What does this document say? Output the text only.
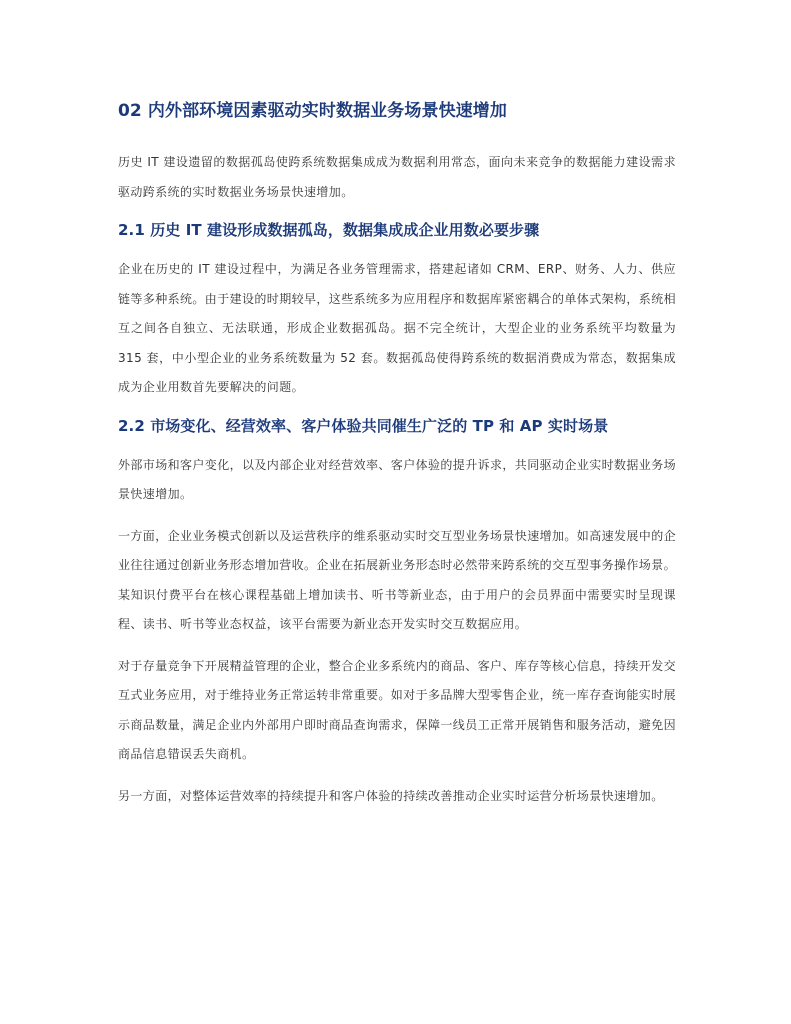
02 内外部环境因素驱动实时数据业务场景快速增加

历史 IT 建设遗留的数据孤岛使跨系统数据集成成为数据利用常态，面向未来竞争的数据能力建设需求驱动跨系统的实时数据业务场景快速增加。

2.1 历史 IT 建设形成数据孤岛，数据集成成企业用数必要步骤

企业在历史的 IT 建设过程中，为满足各业务管理需求，搭建起诸如 CRM、ERP、财务、人力、供应链等多种系统。由于建设的时期较早，这些系统多为应用程序和数据库紧密耦合的单体式架构，系统相互之间各自独立、无法联通，形成企业数据孤岛。据不完全统计，大型企业的业务系统平均数量为 315 套，中小型企业的业务系统数量为 52 套。数据孤岛使得跨系统的数据消费成为常态，数据集成成为企业用数首先要解决的问题。

2.2 市场变化、经营效率、客户体验共同催生广泛的 TP 和 AP 实时场景

外部市场和客户变化，以及内部企业对经营效率、客户体验的提升诉求，共同驱动企业实时数据业务场景快速增加。

一方面，企业业务模式创新以及运营秩序的维系驱动实时交互型业务场景快速增加。如高速发展中的企业往往通过创新业务形态增加营收。企业在拓展新业务形态时必然带来跨系统的交互型事务操作场景。某知识付费平台在核心课程基础上增加读书、听书等新业态，由于用户的会员界面中需要实时呈现课程、读书、听书等业态权益，该平台需要为新业态开发实时交互数据应用。

对于存量竞争下开展精益管理的企业，整合企业多系统内的商品、客户、库存等核心信息，持续开发交互式业务应用，对于维持业务正常运转非常重要。如对于多品牌大型零售企业，统一库存查询能实时展示商品数量，满足企业内外部用户即时商品查询需求，保障一线员工正常开展销售和服务活动，避免因商品信息错误丢失商机。

另一方面，对整体运营效率的持续提升和客户体验的持续改善推动企业实时运营分析场景快速增加。
